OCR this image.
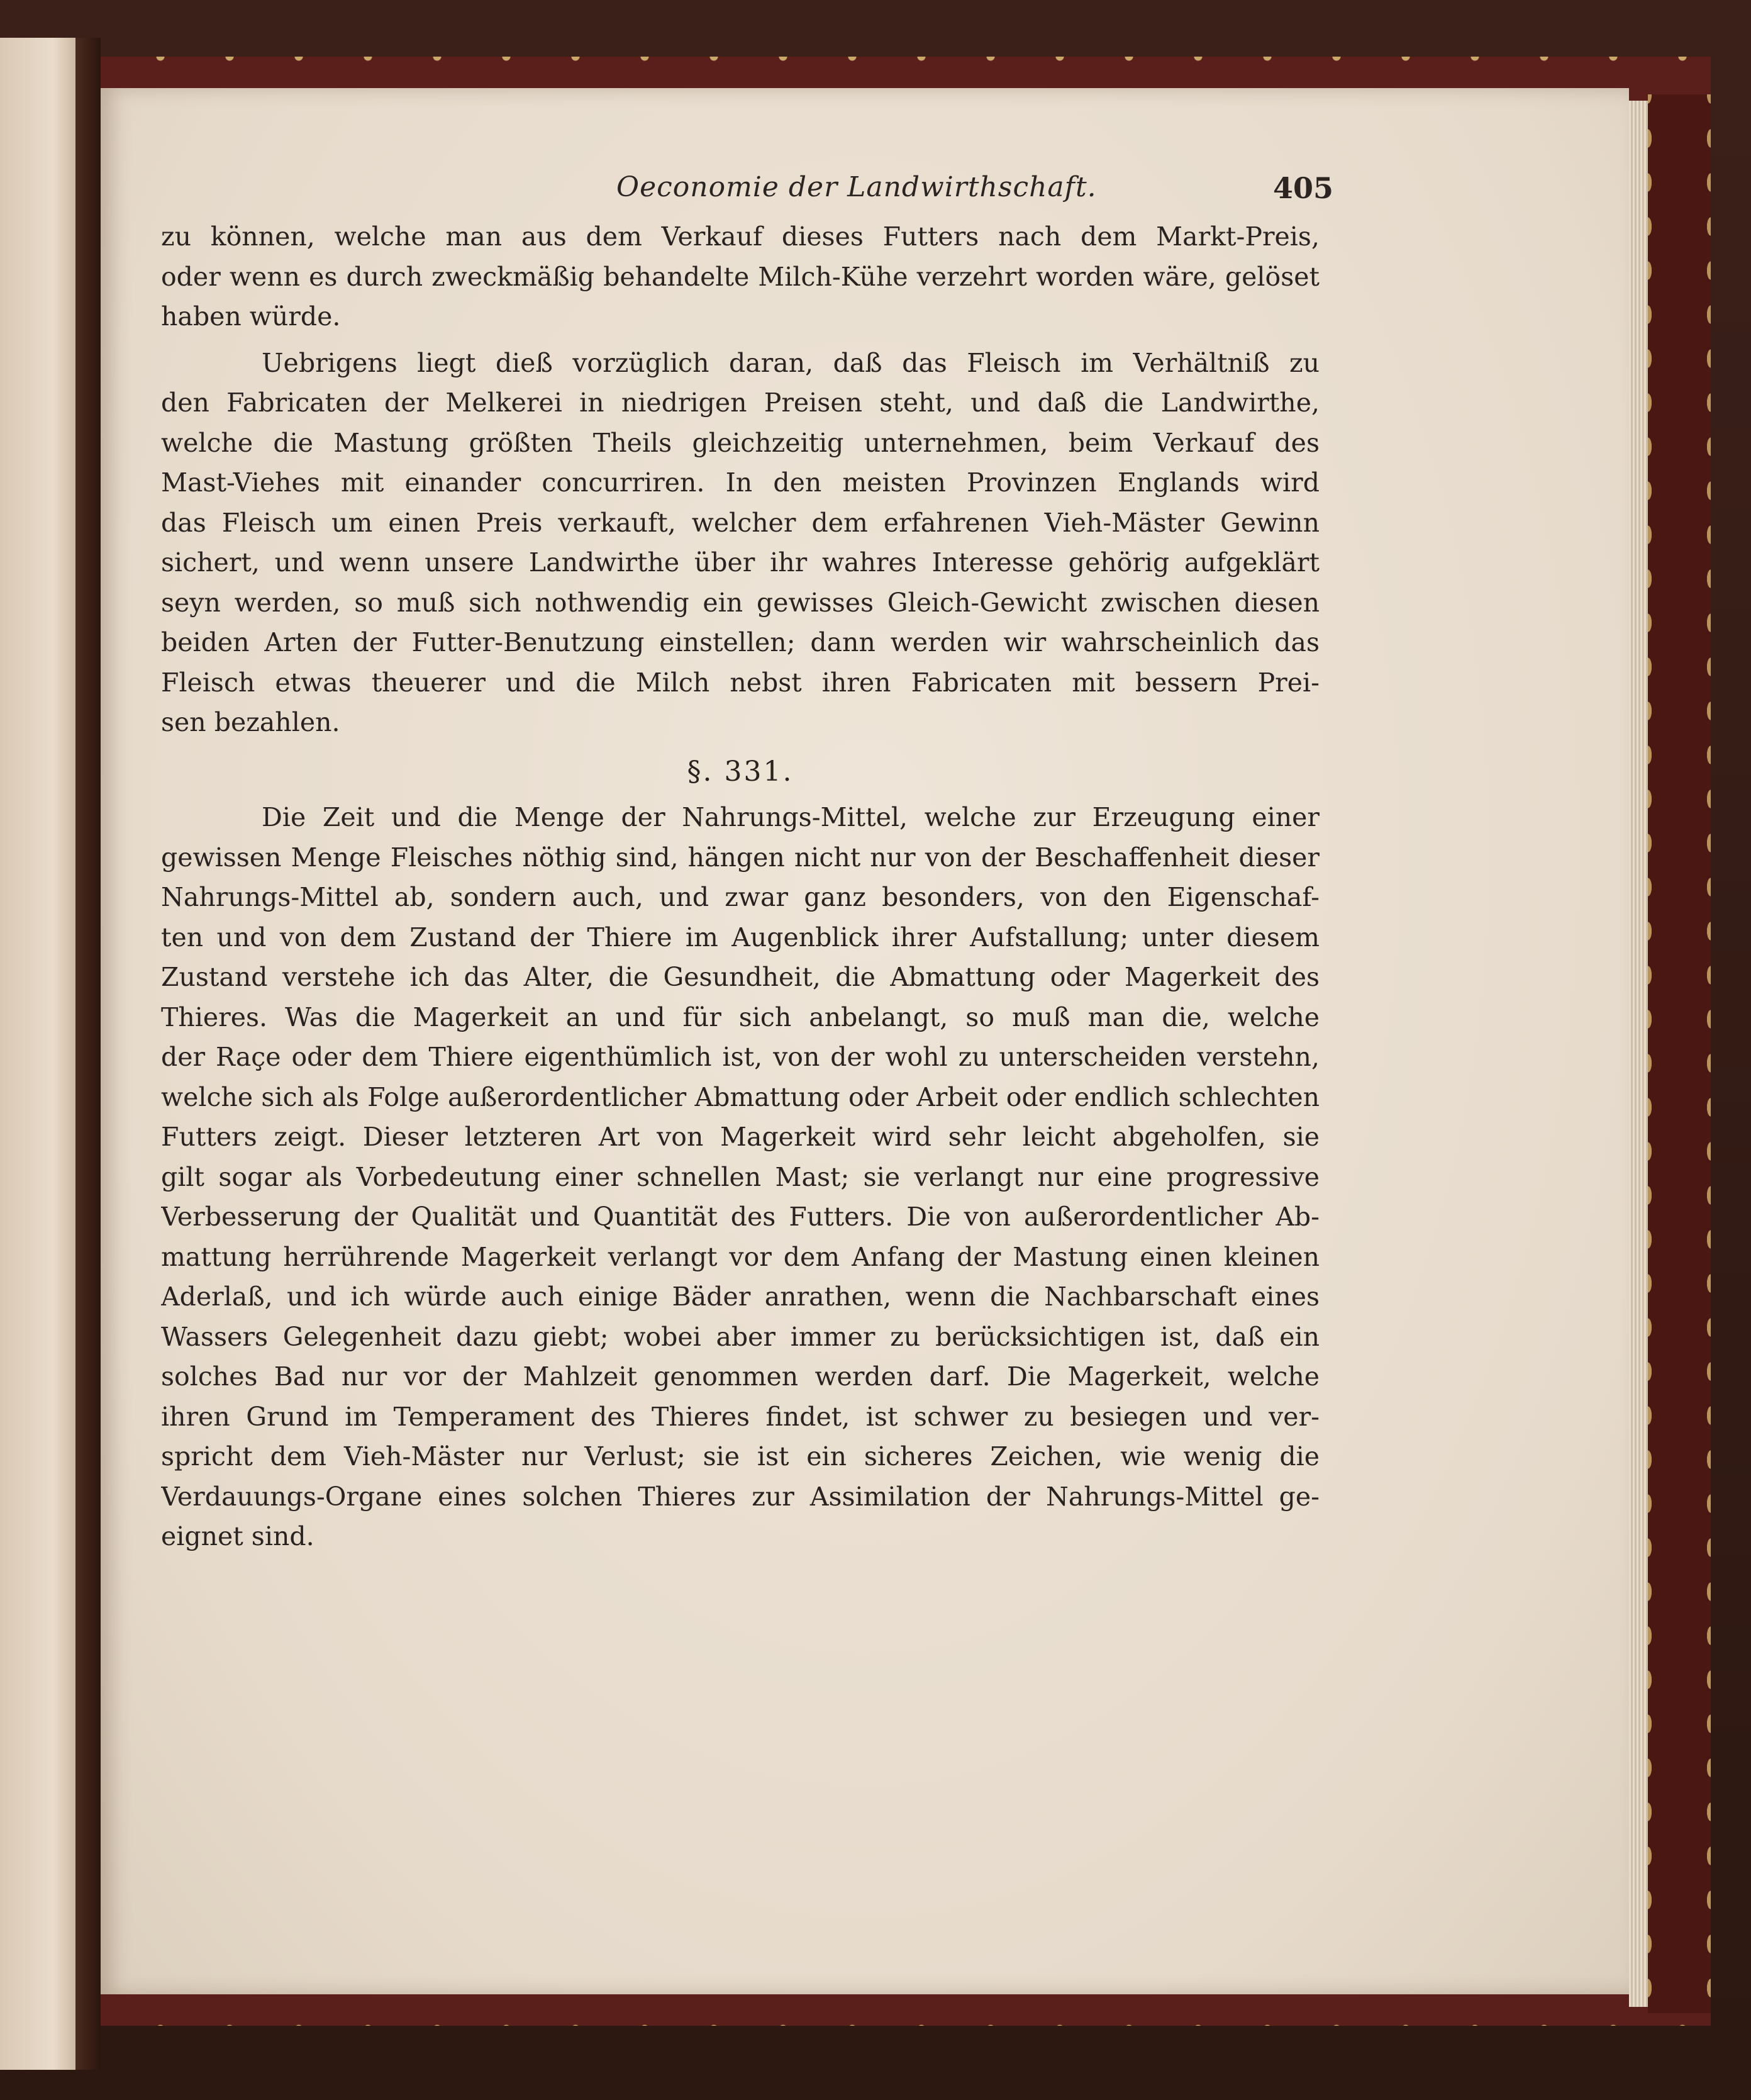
Oeconomie der Landwirthschaft.	405

zu können, welche man aus dem Verkauf dieses Futters nach dem Markt-Preis,
oder wenn es durch zweckmäßig behandelte Milch-Kühe verzehrt worden wäre, gelöset
haben würde.

Uebrigens liegt dieß vorzüglich daran, daß das Fleisch im Verhältniß zu
den Fabricaten der Melkerei in niedrigen Preisen steht, und daß die Landwirthe,
welche die Mastung größten Theils gleichzeitig unternehmen, beim Verkauf des
Mast-Viehes mit einander concurriren. In den meisten Provinzen Englands wird
das Fleisch um einen Preis verkauft, welcher dem erfahrenen Vieh-Mäster Gewinn
sichert, und wenn unsere Landwirthe über ihr wahres Interesse gehörig aufgeklärt
seyn werden, so muß sich nothwendig ein gewisses Gleich-Gewicht zwischen diesen
beiden Arten der Futter-Benutzung einstellen; dann werden wir wahrscheinlich das
Fleisch etwas theuerer und die Milch nebst ihren Fabricaten mit bessern Prei-
sen bezahlen.

§. 331.

Die Zeit und die Menge der Nahrungs-Mittel, welche zur Erzeugung einer
gewissen Menge Fleisches nöthig sind, hängen nicht nur von der Beschaffenheit dieser
Nahrungs-Mittel ab, sondern auch, und zwar ganz besonders, von den Eigenschaf-
ten und von dem Zustand der Thiere im Augenblick ihrer Aufstallung; unter diesem
Zustand verstehe ich das Alter, die Gesundheit, die Abmattung oder Magerkeit des
Thieres. Was die Magerkeit an und für sich anbelangt, so muß man die, welche
der Raçe oder dem Thiere eigenthümlich ist, von der wohl zu unterscheiden verstehn,
welche sich als Folge außerordentlicher Abmattung oder Arbeit oder endlich schlechten
Futters zeigt. Dieser letzteren Art von Magerkeit wird sehr leicht abgeholfen, sie
gilt sogar als Vorbedeutung einer schnellen Mast; sie verlangt nur eine progressive
Verbesserung der Qualität und Quantität des Futters. Die von außerordentlicher Ab-
mattung herrührende Magerkeit verlangt vor dem Anfang der Mastung einen kleinen
Aderlaß, und ich würde auch einige Bäder anrathen, wenn die Nachbarschaft eines
Wassers Gelegenheit dazu giebt; wobei aber immer zu berücksichtigen ist, daß ein
solches Bad nur vor der Mahlzeit genommen werden darf. Die Magerkeit, welche
ihren Grund im Temperament des Thieres findet, ist schwer zu besiegen und ver-
spricht dem Vieh-Mäster nur Verlust; sie ist ein sicheres Zeichen, wie wenig die
Verdauungs-Organe eines solchen Thieres zur Assimilation der Nahrungs-Mittel ge-
eignet sind.
